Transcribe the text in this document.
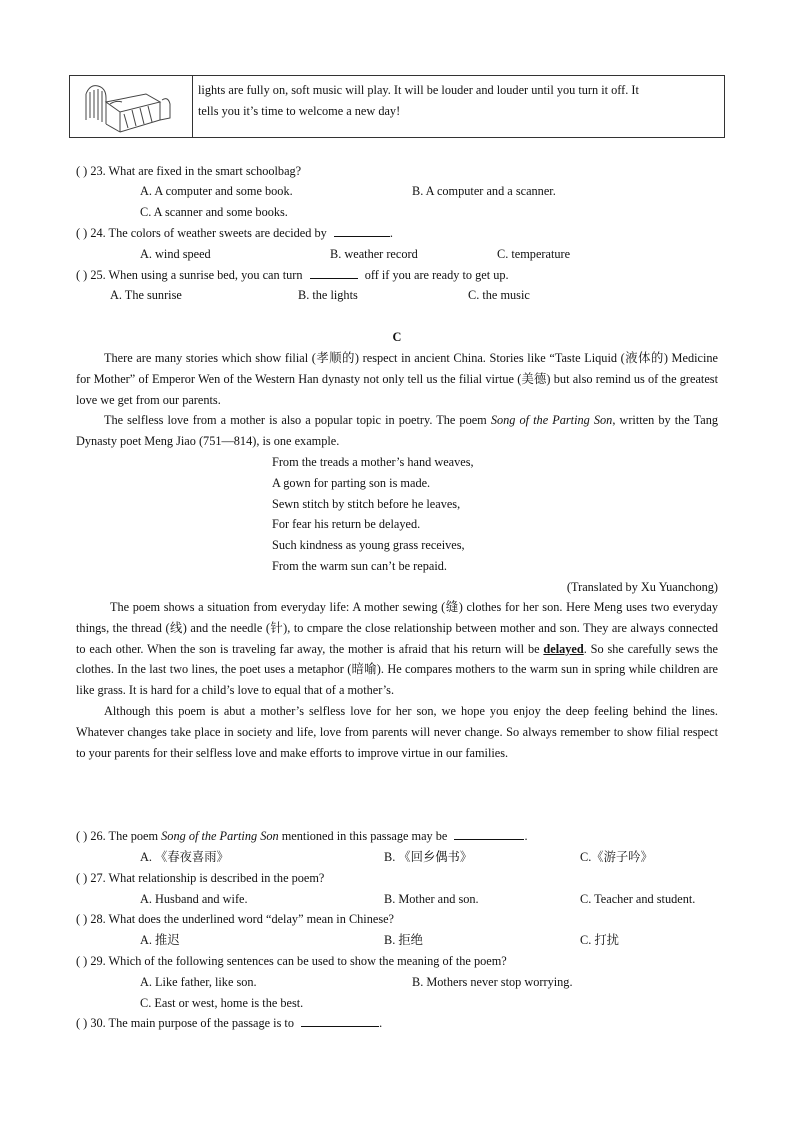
lights are fully on, soft music will play. It will be louder and louder until you turn it off. It
tells you it’s time to welcome a new day!
( ) 23. What are fixed in the smart schoolbag?
A. A computer and some book.	B. A computer and a scanner.
C. A scanner and some books.
( ) 24. The colors of weather sweets are decided by	.
A. wind speed	B. weather record	C. temperature
( ) 25. When using a sunrise bed, you can turn	off if you are ready to get up.
A. The sunrise	B. the lights	C. the music
C

There are many stories which show filial (孝顺的) respect in ancient China. Stories like “Taste Liquid (液体的) Medicine for Mother” of Emperor Wen of the Western Han dynasty not only tell us the filial virtue (美德) but also remind us of the greatest love we get from our parents.

The selfless love from a mother is also a popular topic in poetry. The poem Song of the Parting Son, written by the Tang Dynasty poet Meng Jiao (751—814), is one example.

From the treads a mother’s hand weaves,
A gown for parting son is made.
Sewn stitch by stitch before he leaves,
For fear his return be delayed.
Such kindness as young grass receives,
From the warm sun can’t be repaid.
(Translated by Xu Yuanchong)

The poem shows a situation from everyday life: A mother sewing (缝) clothes for her son. Here Meng uses two everyday things, the thread (线) and the needle (针), to cmpare the close relationship between mother and son. They are always connected to each other. When the son is traveling far away, the mother is afraid that his return will be delayed. So she carefully sews the clothes. In the last two lines, the poet uses a metaphor (暗喻). He compares mothers to the warm sun in spring while children are like grass. It is hard for a child’s love to equal that of a mother’s.

Although this poem is abut a mother’s selfless love for her son, we hope you enjoy the deep feeling behind the lines. Whatever changes take place in society and life, love from parents will never change. So always remember to show filial respect to your parents for their selfless love and make efforts to improve virtue in our families.

( ) 26. The poem Song of the Parting Son mentioned in this passage may be	.
A. 《春夜喜雨》	B. 《回乡偶书》	C.《游子吟》
( ) 27. What relationship is described in the poem?
A. Husband and wife.	B. Mother and son.	C. Teacher and student.
( ) 28. What does the underlined word “delay” mean in Chinese?
A. 推迟	B. 拒绝	C. 打扰
( ) 29. Which of the following sentences can be used to show the meaning of the poem?
A. Like father, like son.	B. Mothers never stop worrying.
C. East or west, home is the best.
( ) 30. The main purpose of the passage is to	.
